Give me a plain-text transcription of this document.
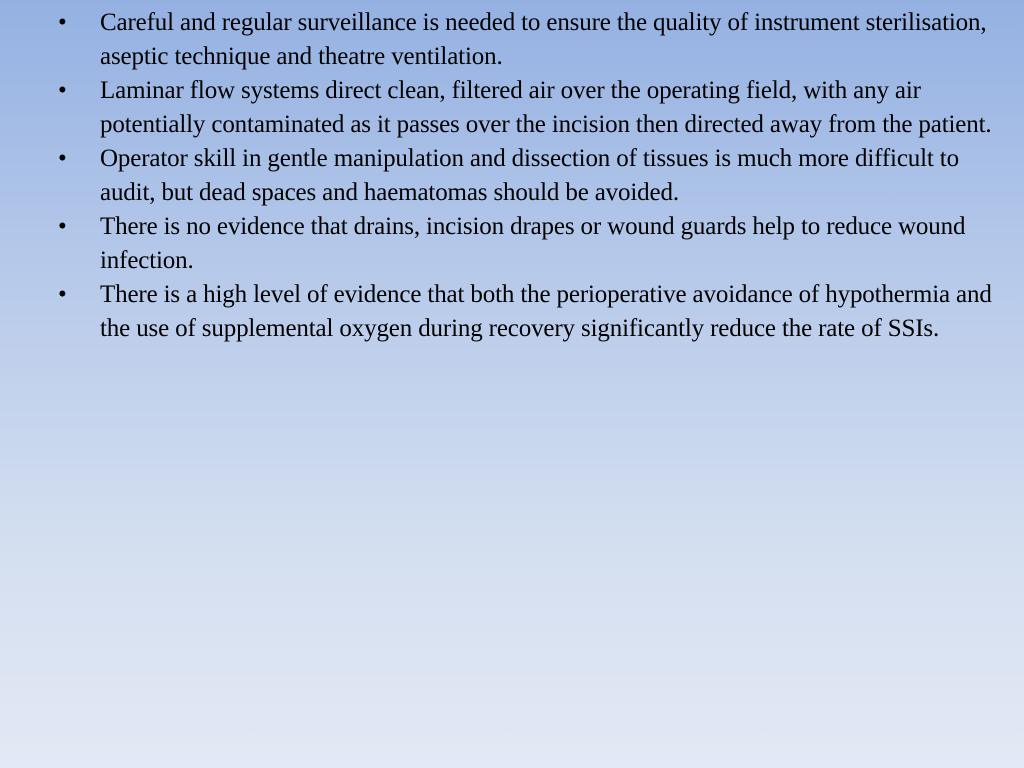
•	Careful and regular surveillance is needed to ensure the quality of instrument sterilisation, aseptic technique and theatre ventilation.
•	Laminar flow systems direct clean, filtered air over the operating field, with any air potentially contaminated as it passes over the incision then directed away from the patient.
•	Operator skill in gentle manipulation and dissection of tissues is much more difficult to audit, but dead spaces and haematomas should be avoided.
•	There is no evidence that drains, incision drapes or wound guards help to reduce wound infection.
•	There is a high level of evidence that both the perioperative avoidance of hypothermia and the use of supplemental oxygen during recovery significantly reduce the rate of SSIs.
